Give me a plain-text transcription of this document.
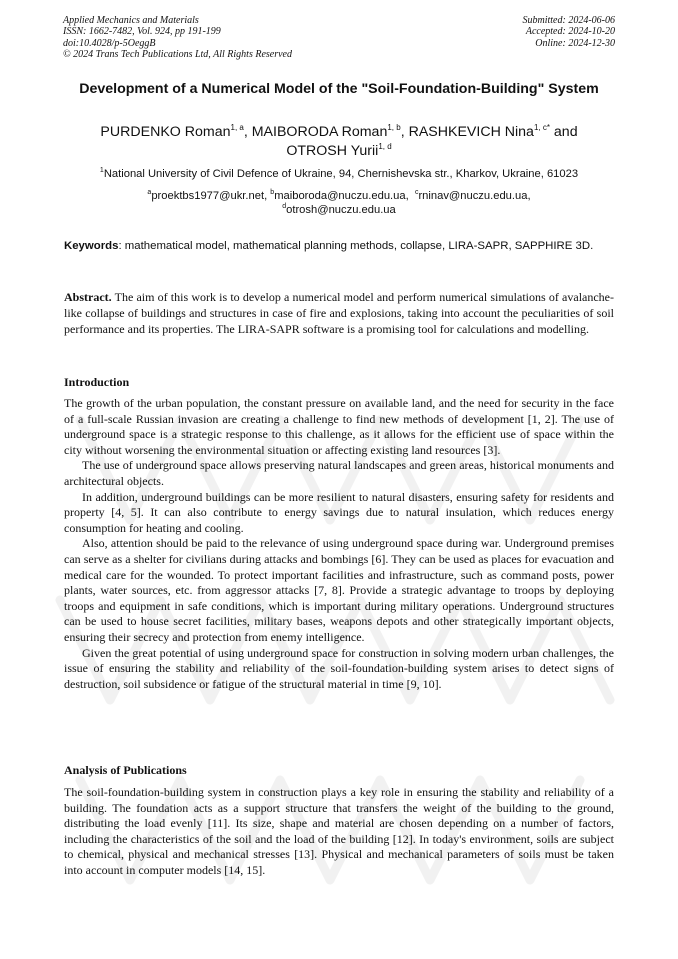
Applied Mechanics and Materials
ISSN: 1662-7482, Vol. 924, pp 191-199
doi:10.4028/p-5OeggB
© 2024 Trans Tech Publications Ltd, All Rights Reserved
Submitted: 2024-06-06
Accepted: 2024-10-20
Online: 2024-12-30
Development of a Numerical Model of the "Soil-Foundation-Building" System
PURDENKO Roman$^{1, a}$, MAIBORODA Roman$^{1, b}$, RASHKEVICH Nina$^{1, c*}$ and OTROSH Yurii$^{1, d}$
$^1$National University of Civil Defence of Ukraine, 94, Chernishevska str., Kharkov, Ukraine, 61023
$^a$proektbs1977@ukr.net, $^b$maiboroda@nuczu.edu.ua,  $^c$rninav@nuczu.edu.ua,
$^d$otrosh@nuczu.edu.ua
Keywords: mathematical model, mathematical planning methods, collapse, LIRA-SAPR, SAPPHIRE 3D.
Abstract. The aim of this work is to develop a numerical model and perform numerical simulations of avalanche-like collapse of buildings and structures in case of fire and explosions, taking into account the peculiarities of soil performance and its properties. The LIRA-SAPR software is a promising tool for calculations and modelling.
Introduction

The growth of the urban population, the constant pressure on available land, and the need for security in the face of a full-scale Russian invasion are creating a challenge to find new methods of development [1, 2]. The use of underground space is a strategic response to this challenge, as it allows for the efficient use of space within the city without worsening the environmental situation or affecting existing land resources [3].

The use of underground space allows preserving natural landscapes and green areas, historical monuments and architectural objects.

In addition, underground buildings can be more resilient to natural disasters, ensuring safety for residents and property [4, 5]. It can also contribute to energy savings due to natural insulation, which reduces energy consumption for heating and cooling.

Also, attention should be paid to the relevance of using underground space during war. Underground premises can serve as a shelter for civilians during attacks and bombings [6]. They can be used as places for evacuation and medical care for the wounded. To protect important facilities and infrastructure, such as command posts, power plants, water sources, etc. from aggressor attacks [7, 8]. Provide a strategic advantage to troops by deploying troops and equipment in safe conditions, which is important during military operations. Underground structures can be used to house secret facilities, military bases, weapons depots and other strategically important objects, ensuring their secrecy and protection from enemy intelligence.

Given the great potential of using underground space for construction in solving modern urban challenges, the issue of ensuring the stability and reliability of the soil-foundation-building system arises to detect signs of destruction, soil subsidence or fatigue of the structural material in time [9, 10].

Analysis of Publications

The soil-foundation-building system in construction plays a key role in ensuring the stability and reliability of a building. The foundation acts as a support structure that transfers the weight of the building to the ground, distributing the load evenly [11]. Its size, shape and material are chosen depending on a number of factors, including the characteristics of the soil and the load of the building [12]. In today's environment, soils are subject to chemical, physical and mechanical stresses [13]. Physical and mechanical parameters of soils must be taken into account in computer models [14, 15].
